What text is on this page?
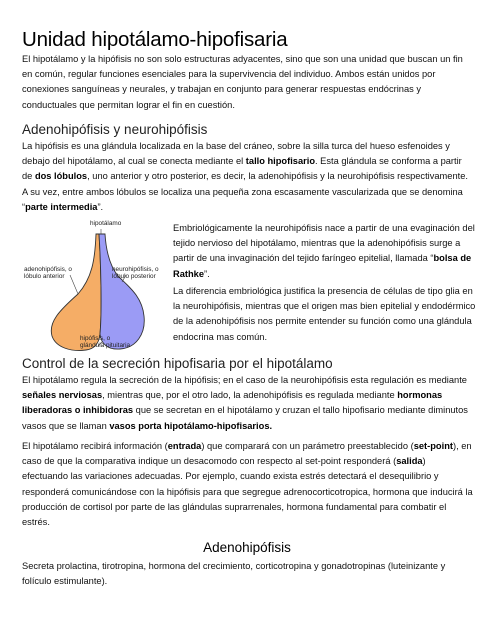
Unidad hipotálamo-hipofisaria

El hipotálamo y la hipófisis no son solo estructuras adyacentes, sino que son una unidad que buscan un fin en común, regular funciones esenciales para la supervivencia del individuo. Ambos están unidos por conexiones sanguíneas y neurales, y trabajan en conjunto para generar respuestas endócrinas y conductuales que permitan lograr el fin en cuestión.

Adenohipófisis y neurohipófisis

La hipófisis es una glándula localizada en la base del cráneo, sobre la silla turca del hueso esfenoides y debajo del hipotálamo, al cual se conecta mediante el tallo hipofisario. Esta glándula se conforma a partir de dos lóbulos, uno anterior y otro posterior, es decir, la adenohipófisis y la neurohipófisis respectivamente. A su vez, entre ambos lóbulos se localiza una pequeña zona escasamente vascularizada que se denomina “parte intermedia”.

hipotálamo
adenohipófisis, o
lóbulo anterior
neurohipófisis, o
lóbulo posterior
hipófisis, o
glándula pituitaria

Embriológicamente la neurohipófisis nace a partir de una evaginación del tejido nervioso del hipotálamo, mientras que la adenohipófisis surge a partir de una invaginación del tejido faríngeo epitelial, llamada “bolsa de Rathke”.

La diferencia embriológica justifica la presencia de células de tipo glia en la neurohipófisis, mientras que el origen mas bien epitelial y endodérmico de la adenohipófisis nos permite entender su función como una glándula endocrina mas común.

Control de la secreción hipofisaria por el hipotálamo

El hipotálamo regula la secreción de la hipófisis; en el caso de la neurohipófisis esta regulación es mediante señales nerviosas, mientras que, por el otro lado, la adenohipófisis es regulada mediante hormonas liberadoras o inhibidoras que se secretan en el hipotálamo y cruzan el tallo hipofisario mediante diminutos vasos que se llaman vasos porta hipotálamo-hipofisarios.

El hipotálamo recibirá información (entrada) que comparará con un parámetro preestablecido (set-point), en caso de que la comparativa indique un desacomodo con respecto al set-point responderá (salida) efectuando las variaciones adecuadas. Por ejemplo, cuando exista estrés detectará el desequilibrio y responderá comunicándose con la hipófisis para que segregue adrenocorticotropica, hormona que inducirá la producción de cortisol por parte de las glándulas suprarrenales, hormona fundamental para combatir el estrés.

Adenohipófisis

Secreta prolactina, tirotropina, hormona del crecimiento, corticotropina y gonadotropinas (luteinizante y folículo estimulante).
